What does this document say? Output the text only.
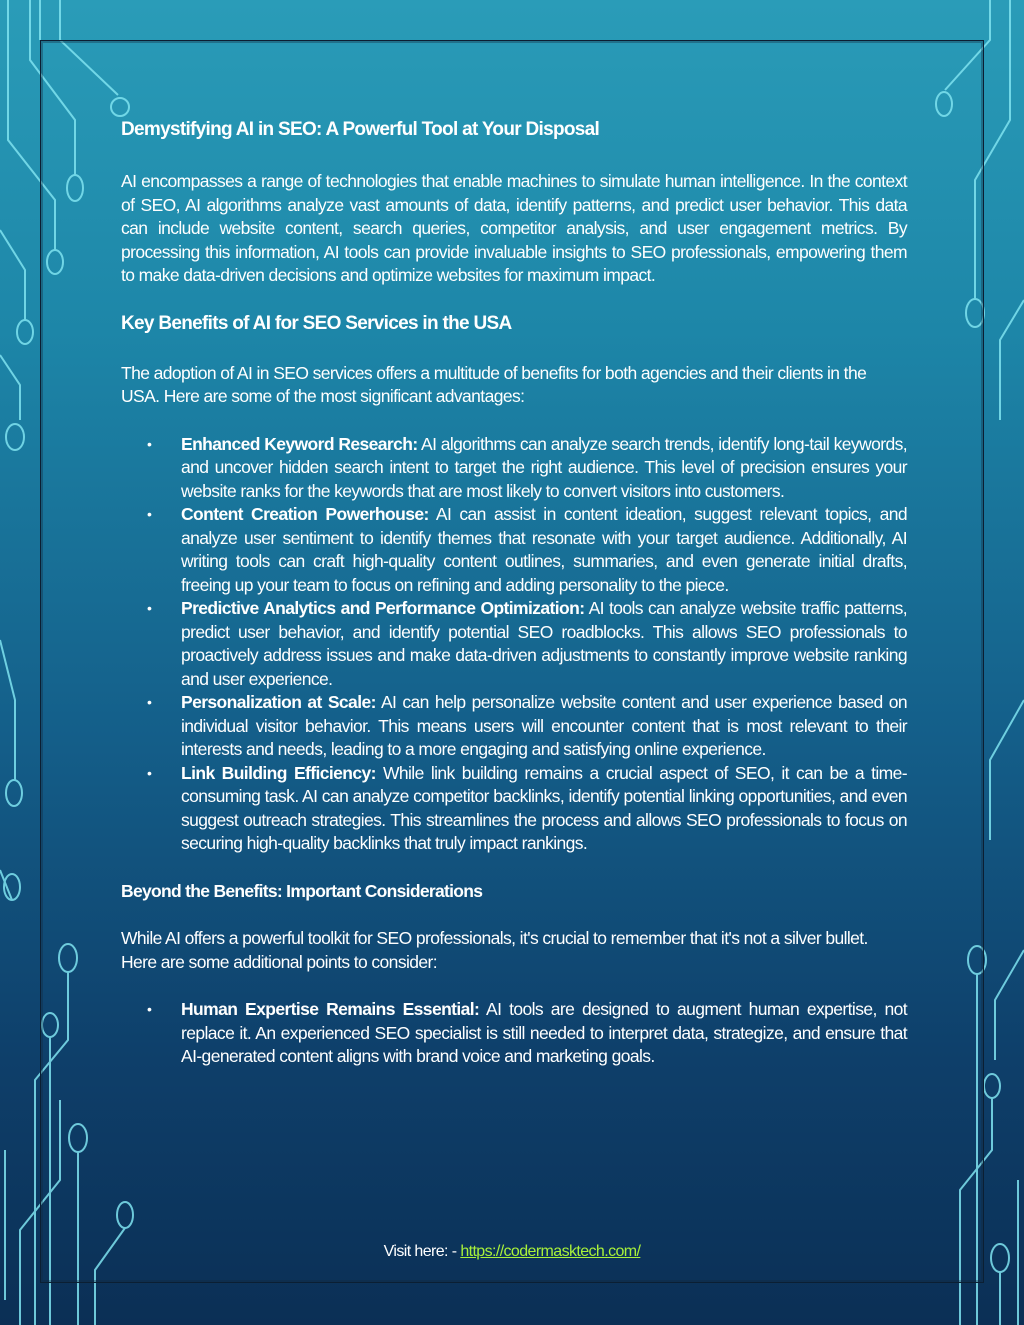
Demystifying AI in SEO: A Powerful Tool at Your Disposal

AI encompasses a range of technologies that enable machines to simulate human intelligence. In the context of SEO, AI algorithms analyze vast amounts of data, identify patterns, and predict user behavior. This data can include website content, search queries, competitor analysis, and user engagement metrics. By processing this information, AI tools can provide invaluable insights to SEO professionals, empowering them to make data-driven decisions and optimize websites for maximum impact.

Key Benefits of AI for SEO Services in the USA

The adoption of AI in SEO services offers a multitude of benefits for both agencies and their clients in the USA. Here are some of the most significant advantages:

• Enhanced Keyword Research: AI algorithms can analyze search trends, identify long-tail keywords, and uncover hidden search intent to target the right audience. This level of precision ensures your website ranks for the keywords that are most likely to convert visitors into customers.
• Content Creation Powerhouse: AI can assist in content ideation, suggest relevant topics, and analyze user sentiment to identify themes that resonate with your target audience. Additionally, AI writing tools can craft high-quality content outlines, summaries, and even generate initial drafts, freeing up your team to focus on refining and adding personality to the piece.
• Predictive Analytics and Performance Optimization: AI tools can analyze website traffic patterns, predict user behavior, and identify potential SEO roadblocks. This allows SEO professionals to proactively address issues and make data-driven adjustments to constantly improve website ranking and user experience.
• Personalization at Scale: AI can help personalize website content and user experience based on individual visitor behavior. This means users will encounter content that is most relevant to their interests and needs, leading to a more engaging and satisfying online experience.
• Link Building Efficiency: While link building remains a crucial aspect of SEO, it can be a time-consuming task. AI can analyze competitor backlinks, identify potential linking opportunities, and even suggest outreach strategies. This streamlines the process and allows SEO professionals to focus on securing high-quality backlinks that truly impact rankings.
Beyond the Benefits: Important Considerations

While AI offers a powerful toolkit for SEO professionals, it's crucial to remember that it's not a silver bullet. Here are some additional points to consider:

• Human Expertise Remains Essential: AI tools are designed to augment human expertise, not replace it. An experienced SEO specialist is still needed to interpret data, strategize, and ensure that AI-generated content aligns with brand voice and marketing goals.
Visit here: - https://codermasktech.com/
